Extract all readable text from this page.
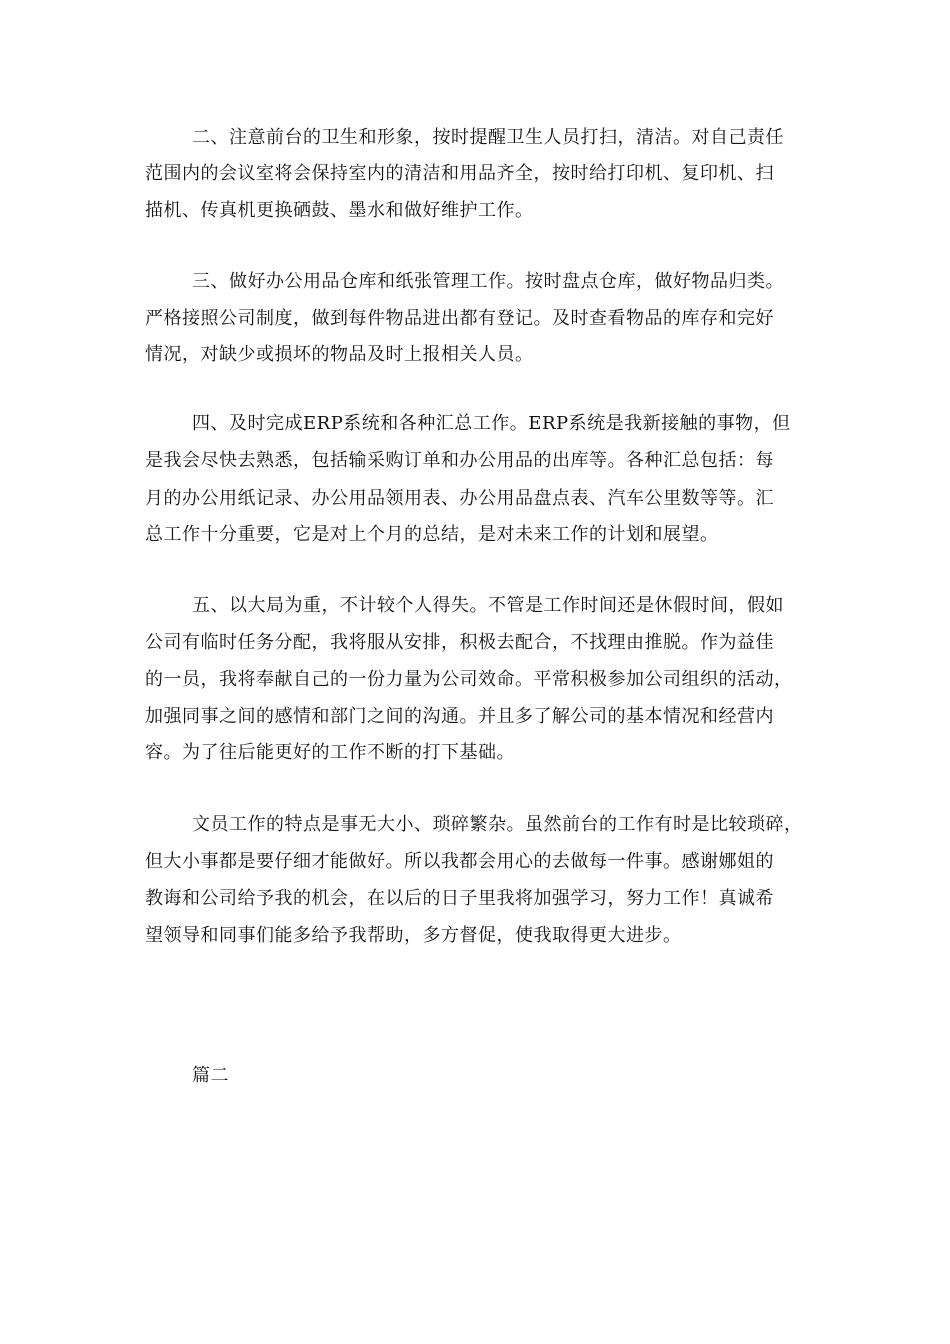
二、注意前台的卫生和形象，按时提醒卫生人员打扫，清洁。对自己责任
范围内的会议室将会保持室内的清洁和用品齐全，按时给打印机、复印机、扫
描机、传真机更换硒鼓、墨水和做好维护工作。
三、做好办公用品仓库和纸张管理工作。按时盘点仓库，做好物品归类。
严格接照公司制度，做到每件物品进出都有登记。及时查看物品的库存和完好
情况，对缺少或损坏的物品及时上报相关人员。
四、及时完成ERP系统和各种汇总工作。ERP系统是我新接触的事物，但
是我会尽快去熟悉，包括输采购订单和办公用品的出库等。各种汇总包括：每
月的办公用纸记录、办公用品领用表、办公用品盘点表、汽车公里数等等。汇
总工作十分重要，它是对上个月的总结，是对未来工作的计划和展望。
五、以大局为重，不计较个人得失。不管是工作时间还是休假时间，假如
公司有临时任务分配，我将服从安排，积极去配合，不找理由推脱。作为益佳
的一员，我将奉献自己的一份力量为公司效命。平常积极参加公司组织的活动，
加强同事之间的感情和部门之间的沟通。并且多了解公司的基本情况和经营内
容。为了往后能更好的工作不断的打下基础。
文员工作的特点是事无大小、琐碎繁杂。虽然前台的工作有时是比较琐碎，
但大小事都是要仔细才能做好。所以我都会用心的去做每一件事。感谢娜姐的
教诲和公司给予我的机会，在以后的日子里我将加强学习，努力工作！真诚希
望领导和同事们能多给予我帮助，多方督促，使我取得更大进步。
篇二
